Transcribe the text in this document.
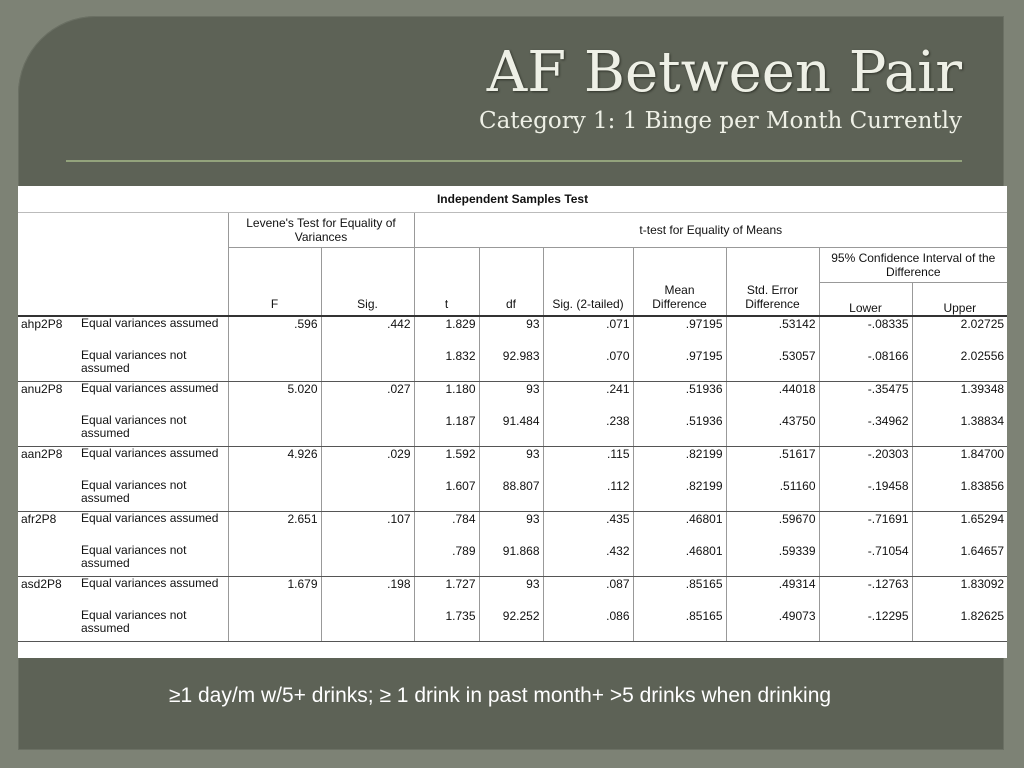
AF Between Pair
Category 1: 1 Binge per Month Currently
Independent Samples Test										
		Levene's Test for Equality of Variances		t-test for Equality of Means						
		F	Sig.	t	df	Sig. (2-tailed)	Mean Difference	Std. Error Difference	95% Confidence Interval of the Difference	
									Lower	Upper
ahp2P8	Equal variances assumed	.596	.442	1.829	93	.071	.97195	.53142	-.08335	2.02725
	Equal variances not assumed			1.832	92.983	.070	.97195	.53057	-.08166	2.02556
anu2P8	Equal variances assumed	5.020	.027	1.180	93	.241	.51936	.44018	-.35475	1.39348
	Equal variances not assumed			1.187	91.484	.238	.51936	.43750	-.34962	1.38834
aan2P8	Equal variances assumed	4.926	.029	1.592	93	.115	.82199	.51617	-.20303	1.84700
	Equal variances not assumed			1.607	88.807	.112	.82199	.51160	-.19458	1.83856
afr2P8	Equal variances assumed	2.651	.107	.784	93	.435	.46801	.59670	-.71691	1.65294
	Equal variances not assumed			.789	91.868	.432	.46801	.59339	-.71054	1.64657
asd2P8	Equal variances assumed	1.679	.198	1.727	93	.087	.85165	.49314	-.12763	1.83092
	Equal variances not assumed			1.735	92.252	.086	.85165	.49073	-.12295	1.82625
≥1 day/m w/5+ drinks; ≥ 1 drink in past month+ >5 drinks when drinking
